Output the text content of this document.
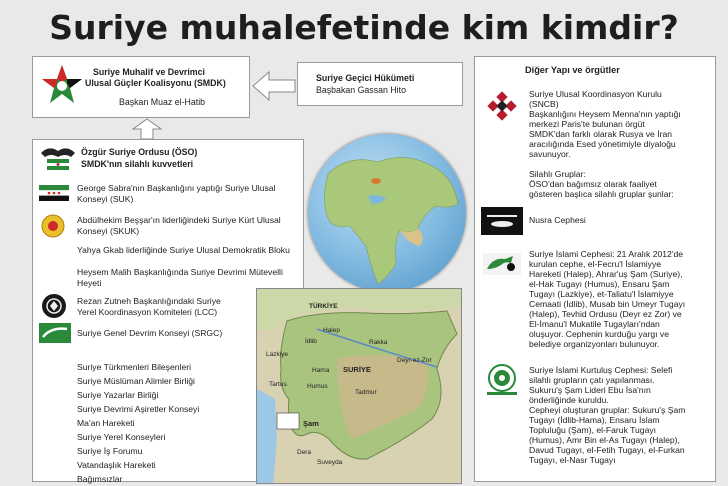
Suriye muhalefetinde kim kimdir?
Suriye Muhalif ve Devrimci
Ulusal Güçler Koalisyonu (SMDK)
Başkan Muaz el-Hatib
Suriye Geçici Hükümeti
Başbakan Gassan Hito
Özgür Suriye Ordusu (ÖSO)
SMDK'nın silahlı kuvvetleri
George Sabra'nın Başkanlığını yaptığı Suriye Ulusal
Konseyi (SUK)
Abdülhekim Beşşar'ın liderliğindeki Suriye Kürt Ulusal
Konseyi (SKUK)
Yahya Gkab liderliğinde Suriye Ulusal Demokratik Bloku
Heysem Malih Başkanlığında Suriye Devrimi Mütevelli
Heyeti
Rezan Zutneh Başkanlığındaki Suriye
Yerel Koordinasyon Komiteleri (LCC)
Suriye Genel Devrim Konseyi (SRGC)
Suriye Türkmenleri Bileşenleri
Suriye Müslüman Alimler Birliği
Suriye Yazarlar Birliği
Suriye Devrimi Aşiretler Konseyi
Ma'an Hareketi
Suriye Yerel Konseyleri
Suriye İş Forumu
Vatandaşlık Hareketi
Bağımsızlar
TÜRKİYE
Halep
İdlib
Lazkiye
Hama
Humus
Tartus
Rakka
Deyr-ez-Zor
SURİYE
Tadmur
Şam
Dera
Suveyda
Diğer Yapı ve örgütler
Suriye Ulusal Koordinasyon Kurulu
(SNCB)
Başkanlığını Heysem Menna'nın yaptığı
merkezi Paris'te bulunan örgüt
SMDK'dan farklı olarak Rusya ve İran
aracılığında Esed yönetimiyle diyaloğu
savunuyor.
Silahlı Gruplar:
ÖSO'dan bağımsız olarak faaliyet
gösteren başlıca silahlı gruplar şunlar:
Nusra Cephesi
Suriye İslami Cephesi: 21 Aralık 2012'de
kurulan cephe, el-Fecru'l İslamiyye
Hareketi (Halep), Ahrar'uş Şam (Suriye),
el-Hak Tugayı (Humus), Ensaru Şam
Tugayı (Lazkiye), et-Taliatu'l İslamiyye
Cemaati (İdlib), Musab bin Umeyr Tugayı
(Halep), Tevhid Ordusu (Deyr ez Zor) ve
El-İmanu'l Mukatile Tugayları'ndan
oluşuyor. Cephenin kurduğu yargı ve
belediye organizyonları bulunuyor.
Suriye İslami Kurtuluş Cephesi: Selefi
silahlı grupların çatı yapılanması.
Sukuru'ş Şam Lideri Ebu İsa'nın
önderliğinde kuruldu.
Cepheyi oluşturan gruplar: Sukuru'ş Şam
Tugayı (İdlib-Hama), Ensaru İslam
Topluluğu (Şam), el-Faruk Tugayı
(Humus), Amr Bin el-As Tugayı (Halep),
Davud Tugayı, el-Fetih Tugayı, el-Furkan
Tugayı, el-Nasr Tugayı
